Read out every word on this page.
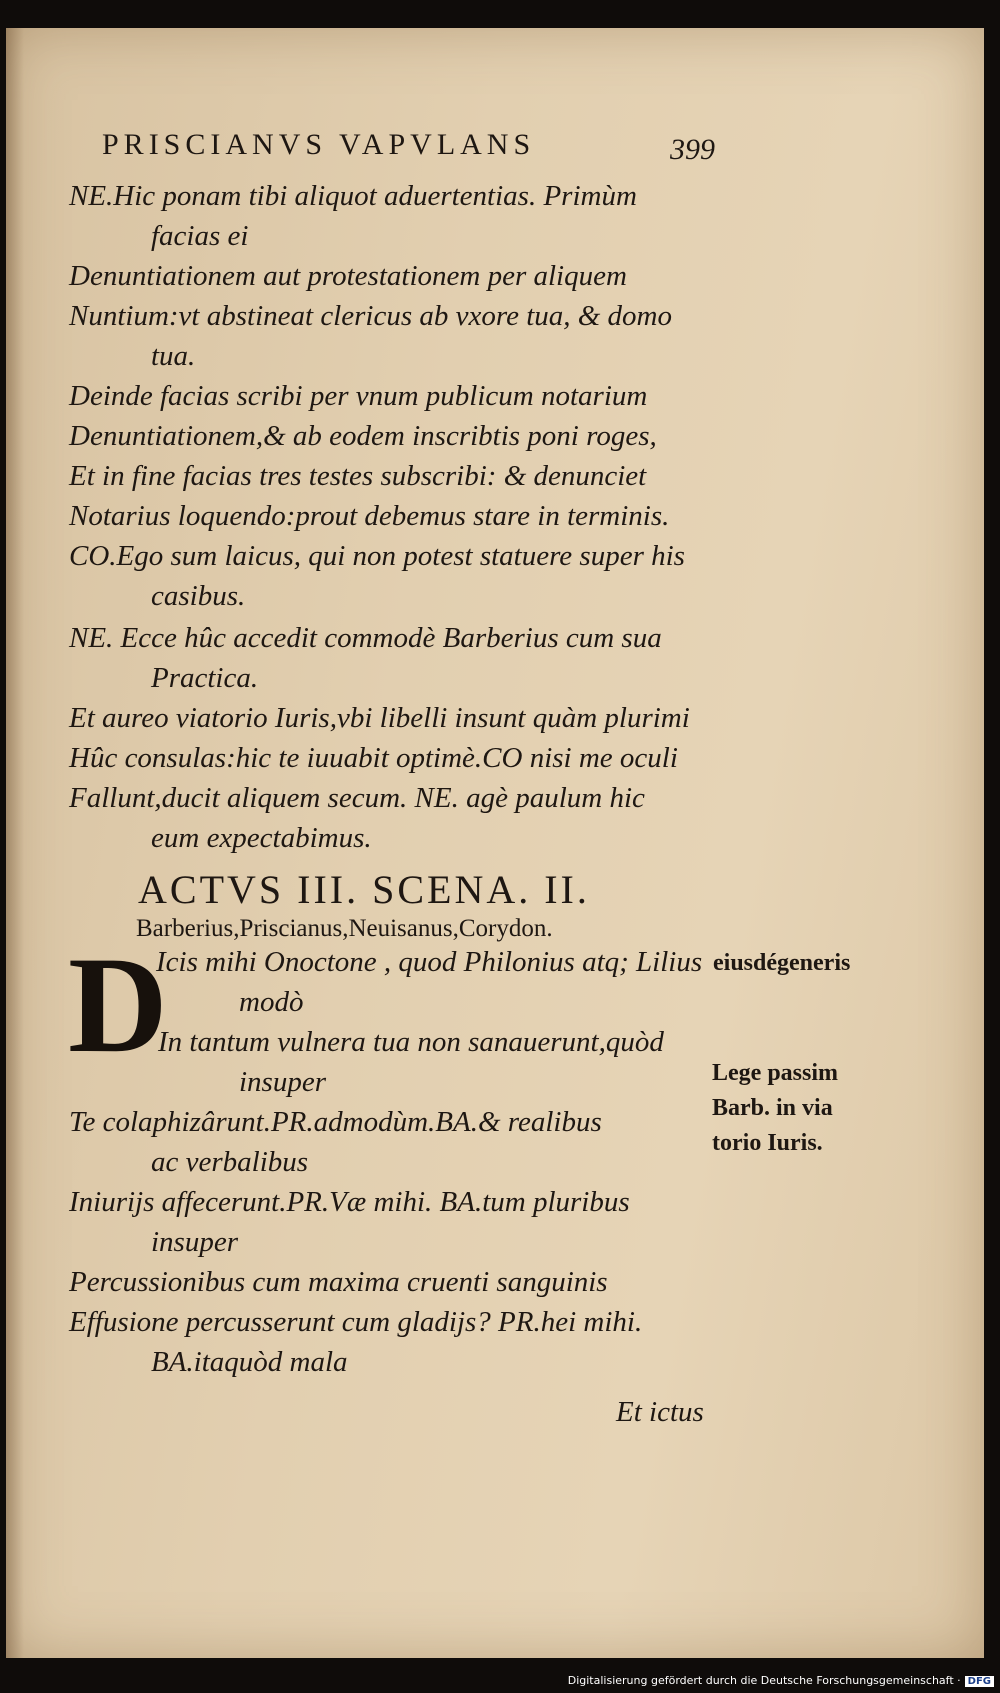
PRISCIANVS VAPVLANS	399
NE.Hic ponam tibi aliquot aduertentias. Primùm
facias ei
Denuntiationem aut protestationem per aliquem
Nuntium:vt abstineat clericus ab vxore tua, & domo
tua.
Deinde facias scribi per vnum publicum notarium
Denuntiationem,& ab eodem inscribtis poni roges,
Et in fine facias tres testes subscribi: & denunciet
Notarius loquendo:prout debemus stare in terminis.
CO.Ego sum laicus, qui non potest statuere super his
casibus.
NE. Ecce hûc accedit commodè Barberius cum sua
Practica.
Et aureo viatorio Iuris,vbi libelli insunt quàm plurimi
Hûc consulas:hic te iuuabit optimè.CO nisi me oculi
Fallunt,ducit aliquem secum. NE. agè paulum hic
eum expectabimus.
ACTVS III. SCENA. II.
Barberius,Priscianus,Neuisanus,Corydon.
D
Icis mihi Onoctone , quod Philonius atq; Lilius
modò
In tantum vulnera tua non sanauerunt,quòd
insuper
Te colaphizârunt.PR.admodùm.BA.& realibus
ac verbalibus
Iniurijs affecerunt.PR.Væ mihi. BA.tum pluribus
insuper
Percussionibus cum maxima cruenti sanguinis
Effusione percusserunt cum gladijs? PR.hei mihi.
BA.itaquòd mala
Et ictus
eiusdégeneris
Lege passim
Barb. in via
torio Iuris.
Digitalisierung gefördert durch die Deutsche Forschungsgemeinschaft · DFG
